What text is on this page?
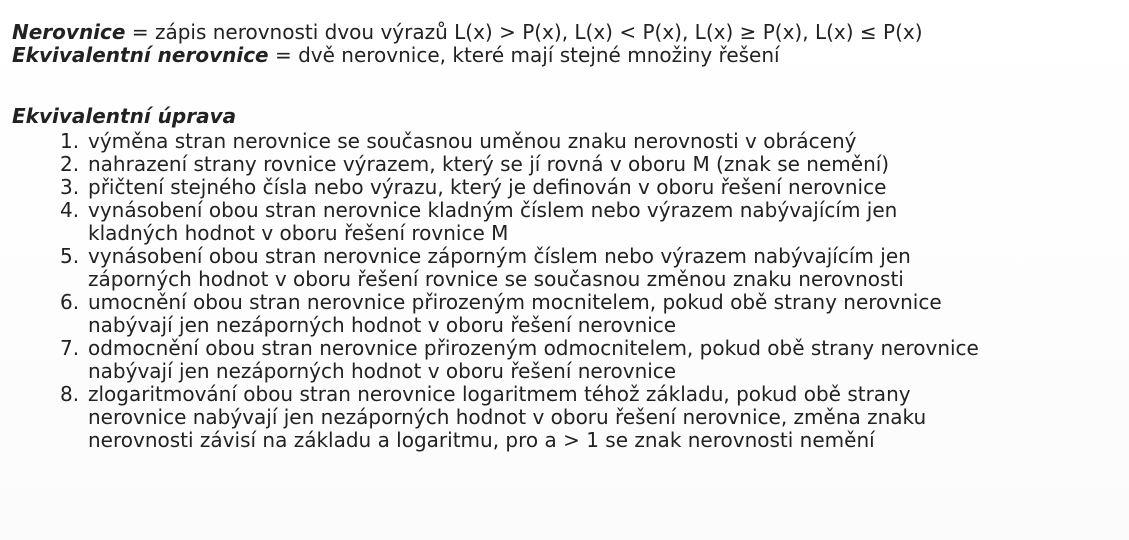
Nerovnice = zápis nerovnosti dvou výrazů L(x) > P(x), L(x) < P(x), L(x) ≥ P(x), L(x) ≤ P(x)
Ekvivalentní nerovnice = dvě nerovnice, které mají stejné množiny řešení
Ekvivalentní úprava
1. výměna stran nerovnice se současnou uměnou znaku nerovnosti v obrácený
2. nahrazení strany rovnice výrazem, který se jí rovná v oboru M (znak se nemění)
3. přičtení stejného čísla nebo výrazu, který je definován v oboru řešení nerovnice
4. vynásobení obou stran nerovnice kladným číslem nebo výrazem nabývajícím jen
kladných hodnot v oboru řešení rovnice M
5. vynásobení obou stran nerovnice záporným číslem nebo výrazem nabývajícím jen
záporných hodnot v oboru řešení rovnice se současnou změnou znaku nerovnosti
6. umocnění obou stran nerovnice přirozeným mocnitelem, pokud obě strany nerovnice
nabývají jen nezáporných hodnot v oboru řešení nerovnice
7. odmocnění obou stran nerovnice přirozeným odmocnitelem, pokud obě strany nerovnice
nabývají jen nezáporných hodnot v oboru řešení nerovnice
8. zlogaritmování obou stran nerovnice logaritmem téhož základu, pokud obě strany
nerovnice nabývají jen nezáporných hodnot v oboru řešení nerovnice, změna znaku
nerovnosti závisí na základu a logaritmu, pro a > 1 se znak nerovnosti nemění
